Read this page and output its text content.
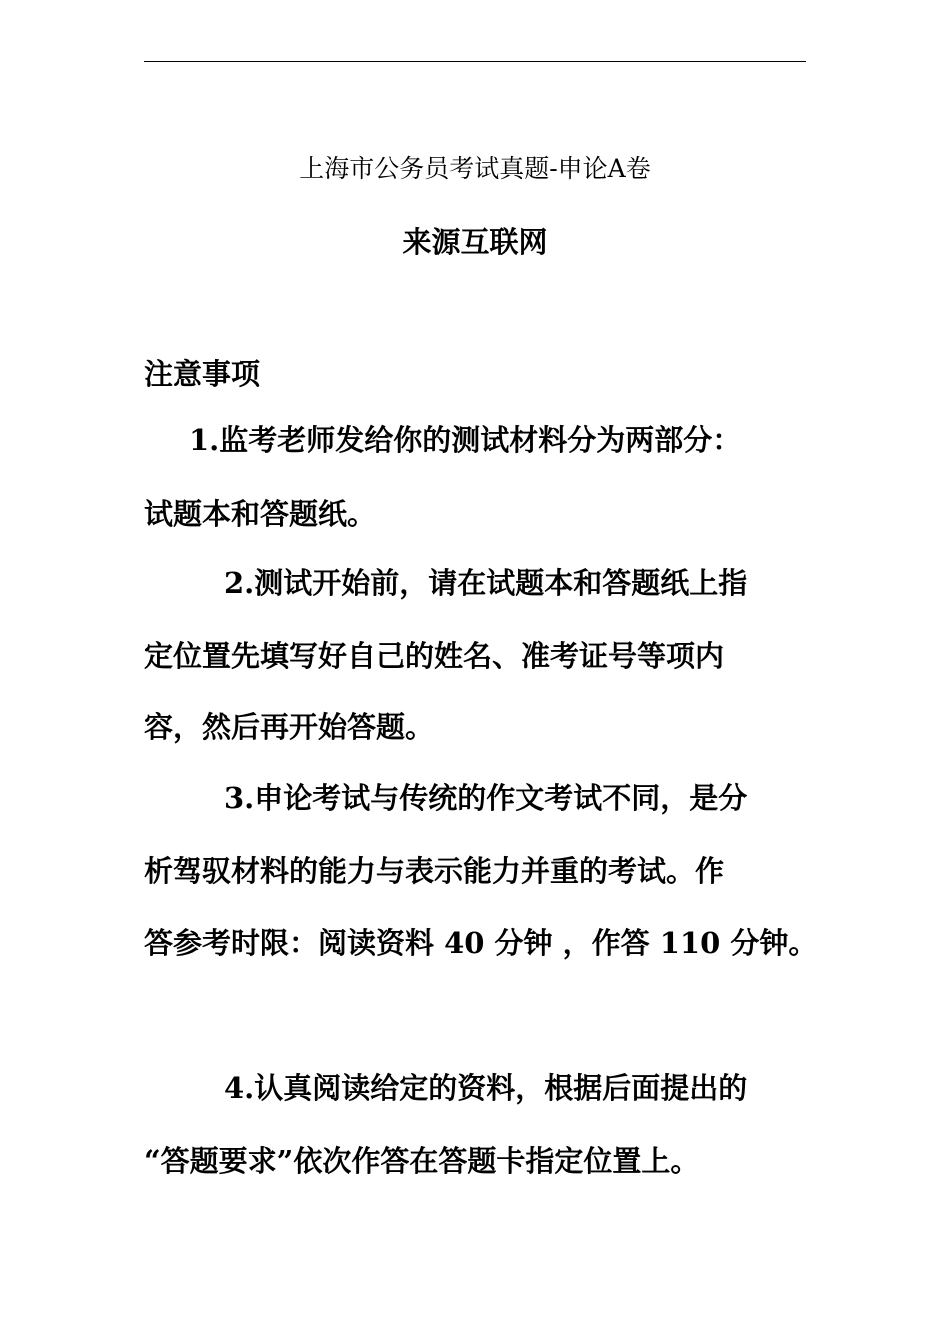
上海市公务员考试真题-申论A卷
来源互联网
注意事项
1.监考老师发给你的测试材料分为两部分：
试题本和答题纸。
2.测试开始前，请在试题本和答题纸上指
定位置先填写好自己的姓名、准考证号等项内
容，然后再开始答题。
3.申论考试与传统的作文考试不同，是分
析驾驭材料的能力与表示能力并重的考试。作
答参考时限：阅读资料 40 分钟 ，作答 110 分钟。
4.认真阅读给定的资料，根据后面提出的
“答题要求”依次作答在答题卡指定位置上。
